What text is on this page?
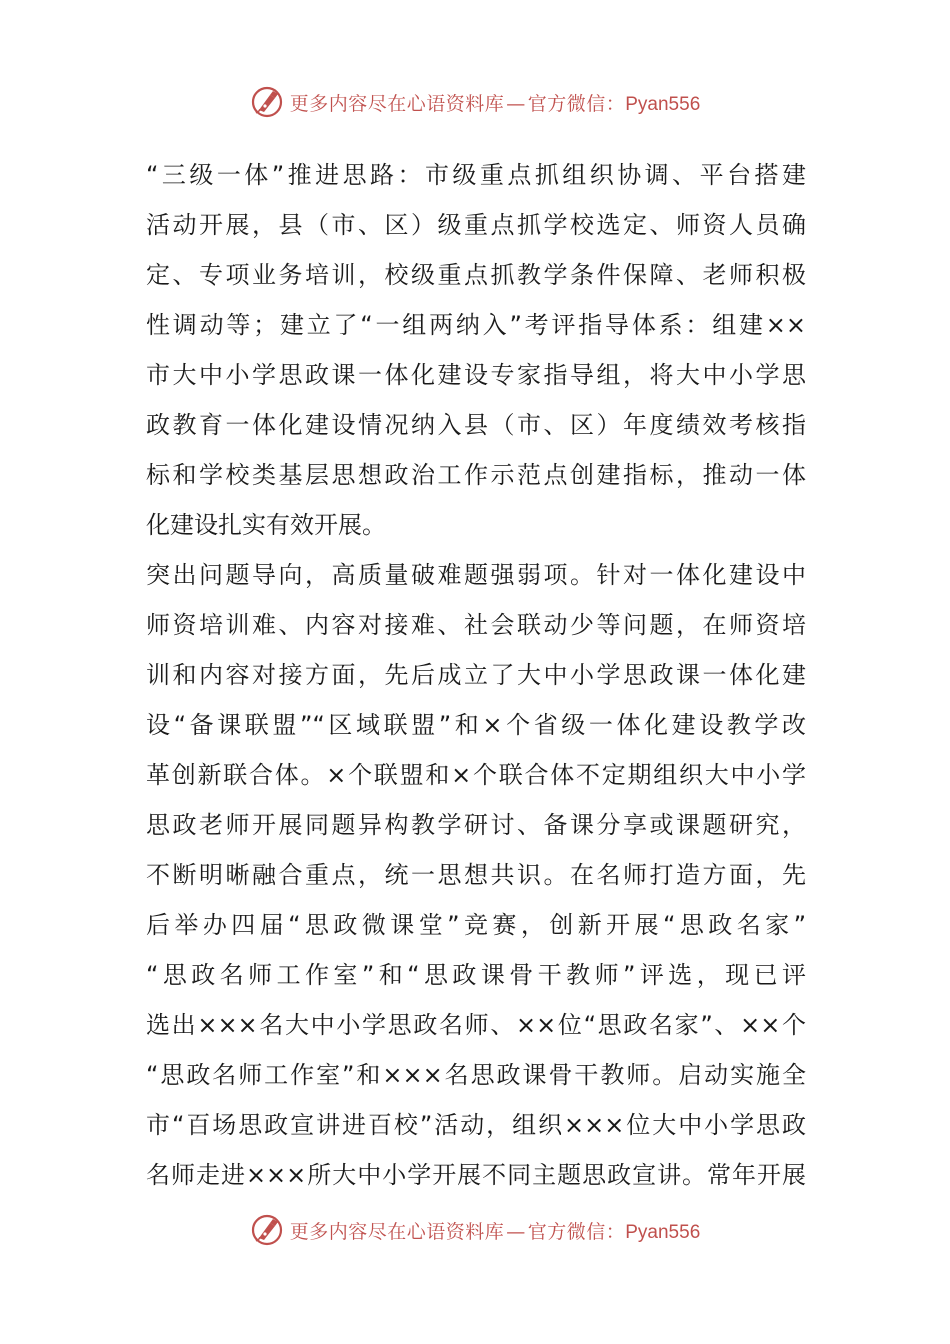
更多内容尽在心语资料库 — 官方微信：Pyan556
“三级一体”推进思路：市级重点抓组织协调、平台搭建
活动开展，县（市、区）级重点抓学校选定、师资人员确
定、专项业务培训，校级重点抓教学条件保障、老师积极
性调动等；建立了“一组两纳入”考评指导体系：组建××
市大中小学思政课一体化建设专家指导组，将大中小学思
政教育一体化建设情况纳入县（市、区）年度绩效考核指
标和学校类基层思想政治工作示范点创建指标，推动一体
化建设扎实有效开展。
突出问题导向，高质量破难题强弱项。针对一体化建设中
师资培训难、内容对接难、社会联动少等问题，在师资培
训和内容对接方面，先后成立了大中小学思政课一体化建
设“备课联盟”“区域联盟”和×个省级一体化建设教学改
革创新联合体。×个联盟和×个联合体不定期组织大中小学
思政老师开展同题异构教学研讨、备课分享或课题研究，
不断明晰融合重点，统一思想共识。在名师打造方面，先
后举办四届“思政微课堂”竞赛，创新开展“思政名家”
“思政名师工作室”和“思政课骨干教师”评选，现已评
选出×××名大中小学思政名师、××位“思政名家”、××个
“思政名师工作室”和×××名思政课骨干教师。启动实施全
市“百场思政宣讲进百校”活动，组织×××位大中小学思政
名师走进×××所大中小学开展不同主题思政宣讲。常年开展
更多内容尽在心语资料库 — 官方微信：Pyan556
